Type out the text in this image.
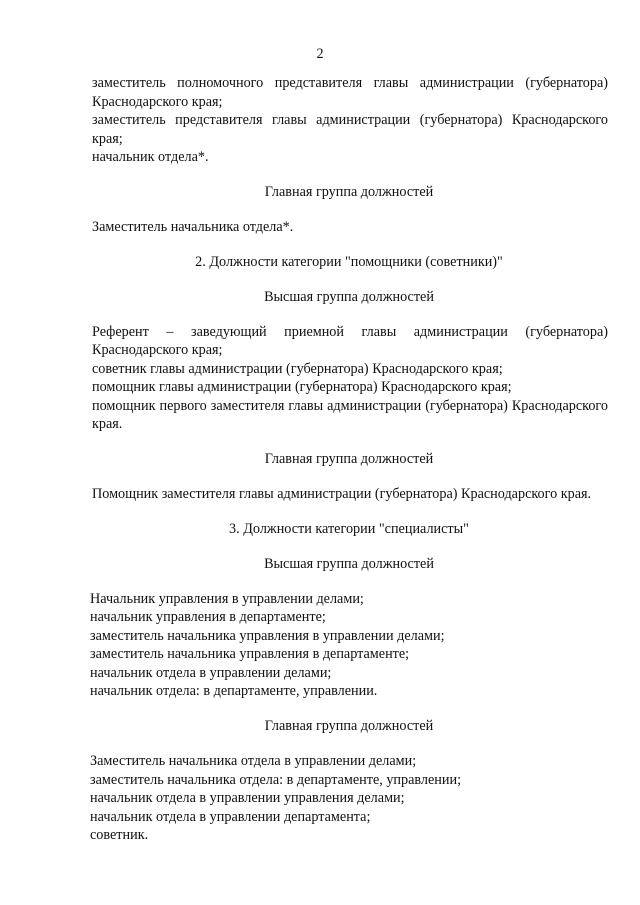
2

заместитель полномочного представителя главы администрации (губернатора) Краснодарского края;

заместитель представителя главы администрации (губернатора) Краснодарского края;

начальник отдела*.

Главная группа должностей

Заместитель начальника отдела*.

2. Должности категории "помощники (советники)"

Высшая группа должностей

Референт – заведующий приемной главы администрации (губернатора) Краснодарского края;

советник главы администрации (губернатора) Краснодарского края;

помощник главы администрации (губернатора) Краснодарского края;

помощник первого заместителя главы администрации (губернатора) Краснодарского края.

Главная группа должностей

Помощник заместителя главы администрации (губернатора) Краснодарского края.

3. Должности категории "специалисты"

Высшая группа должностей

Начальник управления в управлении делами;

начальник управления в департаменте;

заместитель начальника управления в управлении делами;

заместитель начальника управления в департаменте;

начальник отдела в управлении делами;

начальник отдела: в департаменте, управлении.

Главная группа должностей

Заместитель начальника отдела в управлении делами;

заместитель начальника отдела: в департаменте, управлении;

начальник отдела в управлении управления делами;

начальник отдела в управлении департамента;

советник.
